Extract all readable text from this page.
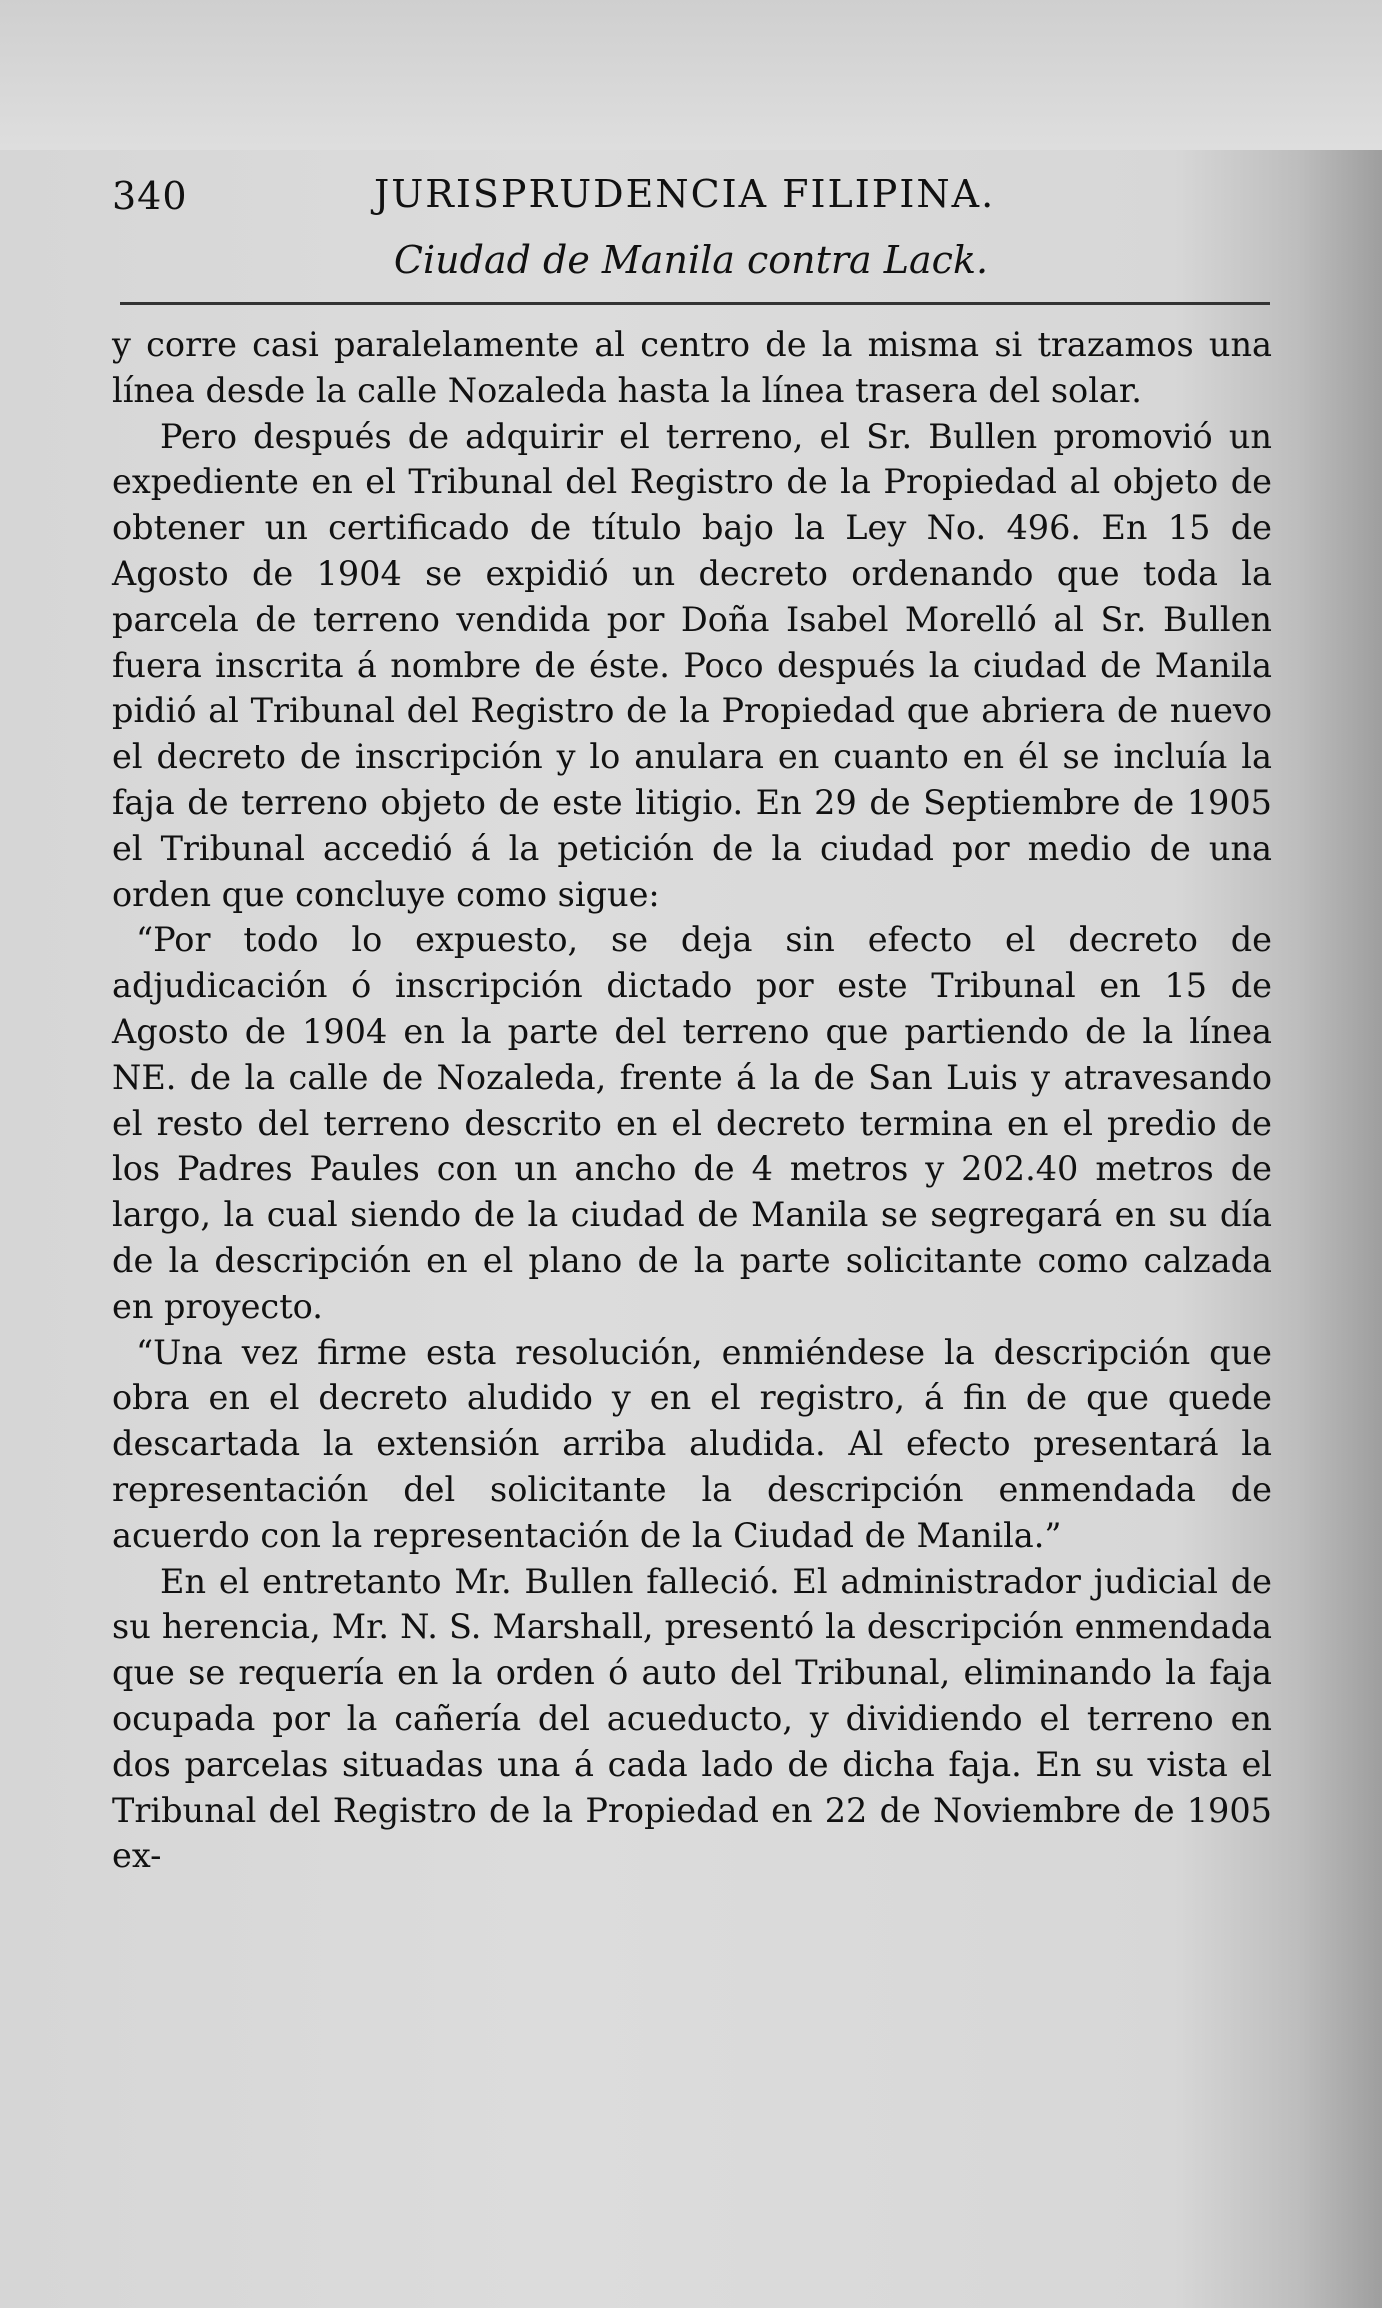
340	JURISPRUDENCIA FILIPINA.
Ciudad de Manila contra Lack.

y corre casi paralelamente al centro de la misma si trazamos una línea desde la calle Nozaleda hasta la línea trasera del solar.

Pero después de adquirir el terreno, el Sr. Bullen promovió un expediente en el Tribunal del Registro de la Propiedad al objeto de obtener un certificado de título bajo la Ley No. 496. En 15 de Agosto de 1904 se expidió un decreto ordenando que toda la parcela de terreno vendida por Doña Isabel Morelló al Sr. Bullen fuera inscrita á nombre de éste. Poco después la ciudad de Manila pidió al Tribunal del Registro de la Propiedad que abriera de nuevo el decreto de inscripción y lo anulara en cuanto en él se incluía la faja de terreno objeto de este litigio. En 29 de Septiembre de 1905 el Tribunal accedió á la petición de la ciudad por medio de una orden que concluye como sigue:

“Por todo lo expuesto, se deja sin efecto el decreto de adjudicación ó inscripción dictado por este Tribunal en 15 de Agosto de 1904 en la parte del terreno que partiendo de la línea NE. de la calle de Nozaleda, frente á la de San Luis y atravesando el resto del terreno descrito en el decreto termina en el predio de los Padres Paules con un ancho de 4 metros y 202.40 metros de largo, la cual siendo de la ciudad de Manila se segregará en su día de la descripción en el plano de la parte solicitante como calzada en proyecto.

“Una vez firme esta resolución, enmiéndese la descripción que obra en el decreto aludido y en el registro, á fin de que quede descartada la extensión arriba aludida. Al efecto presentará la representación del solicitante la descripción enmendada de acuerdo con la representación de la Ciudad de Manila.”

En el entretanto Mr. Bullen falleció. El administrador judicial de su herencia, Mr. N. S. Marshall, presentó la descripción enmendada que se requería en la orden ó auto del Tribunal, eliminando la faja ocupada por la cañería del acueducto, y dividiendo el terreno en dos parcelas situadas una á cada lado de dicha faja. En su vista el Tribunal del Registro de la Propiedad en 22 de Noviembre de 1905 ex-
